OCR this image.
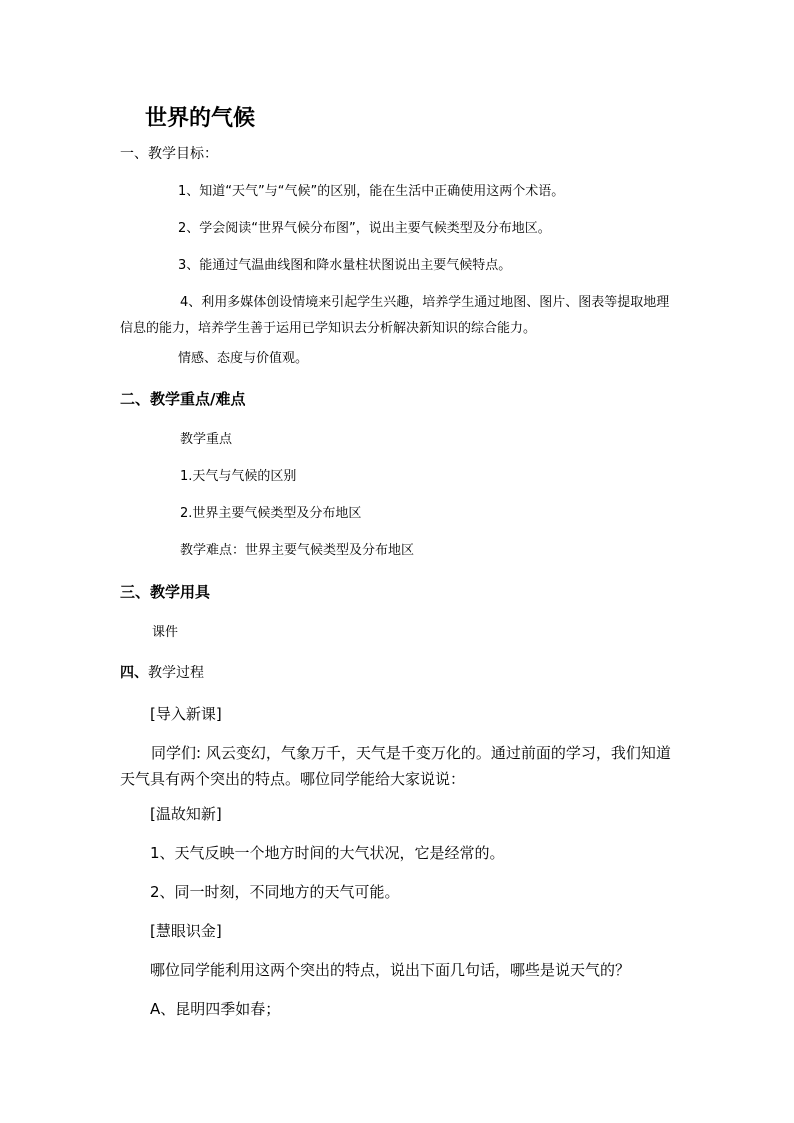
世界的气候
一、教学目标：
1、知道“天气”与“气候”的区别，能在生活中正确使用这两个术语。
2、学会阅读“世界气候分布图”，说出主要气候类型及分布地区。
3、能通过气温曲线图和降水量柱状图说出主要气候特点。

4、利用多媒体创设情境来引起学生兴趣，培养学生通过地图、图片、图表等提取地理信息的能力，培养学生善于运用已学知识去分析解决新知识的综合能力。

情感、态度与价值观。
二、教学重点/难点
教学重点
1.天气与气候的区别
2.世界主要气候类型及分布地区
教学难点：世界主要气候类型及分布地区
三、教学用具
课件
四、教学过程
[导入新课]

同学们: 风云变幻，气象万千，天气是千变万化的。通过前面的学习，我们知道天气具有两个突出的特点。哪位同学能给大家说说：

[温故知新]
1、天气反映一个地方时间的大气状况，它是经常的。
2、同一时刻，不同地方的天气可能。
[慧眼识金]
哪位同学能利用这两个突出的特点，说出下面几句话，哪些是说天气的？
A、昆明四季如春；
